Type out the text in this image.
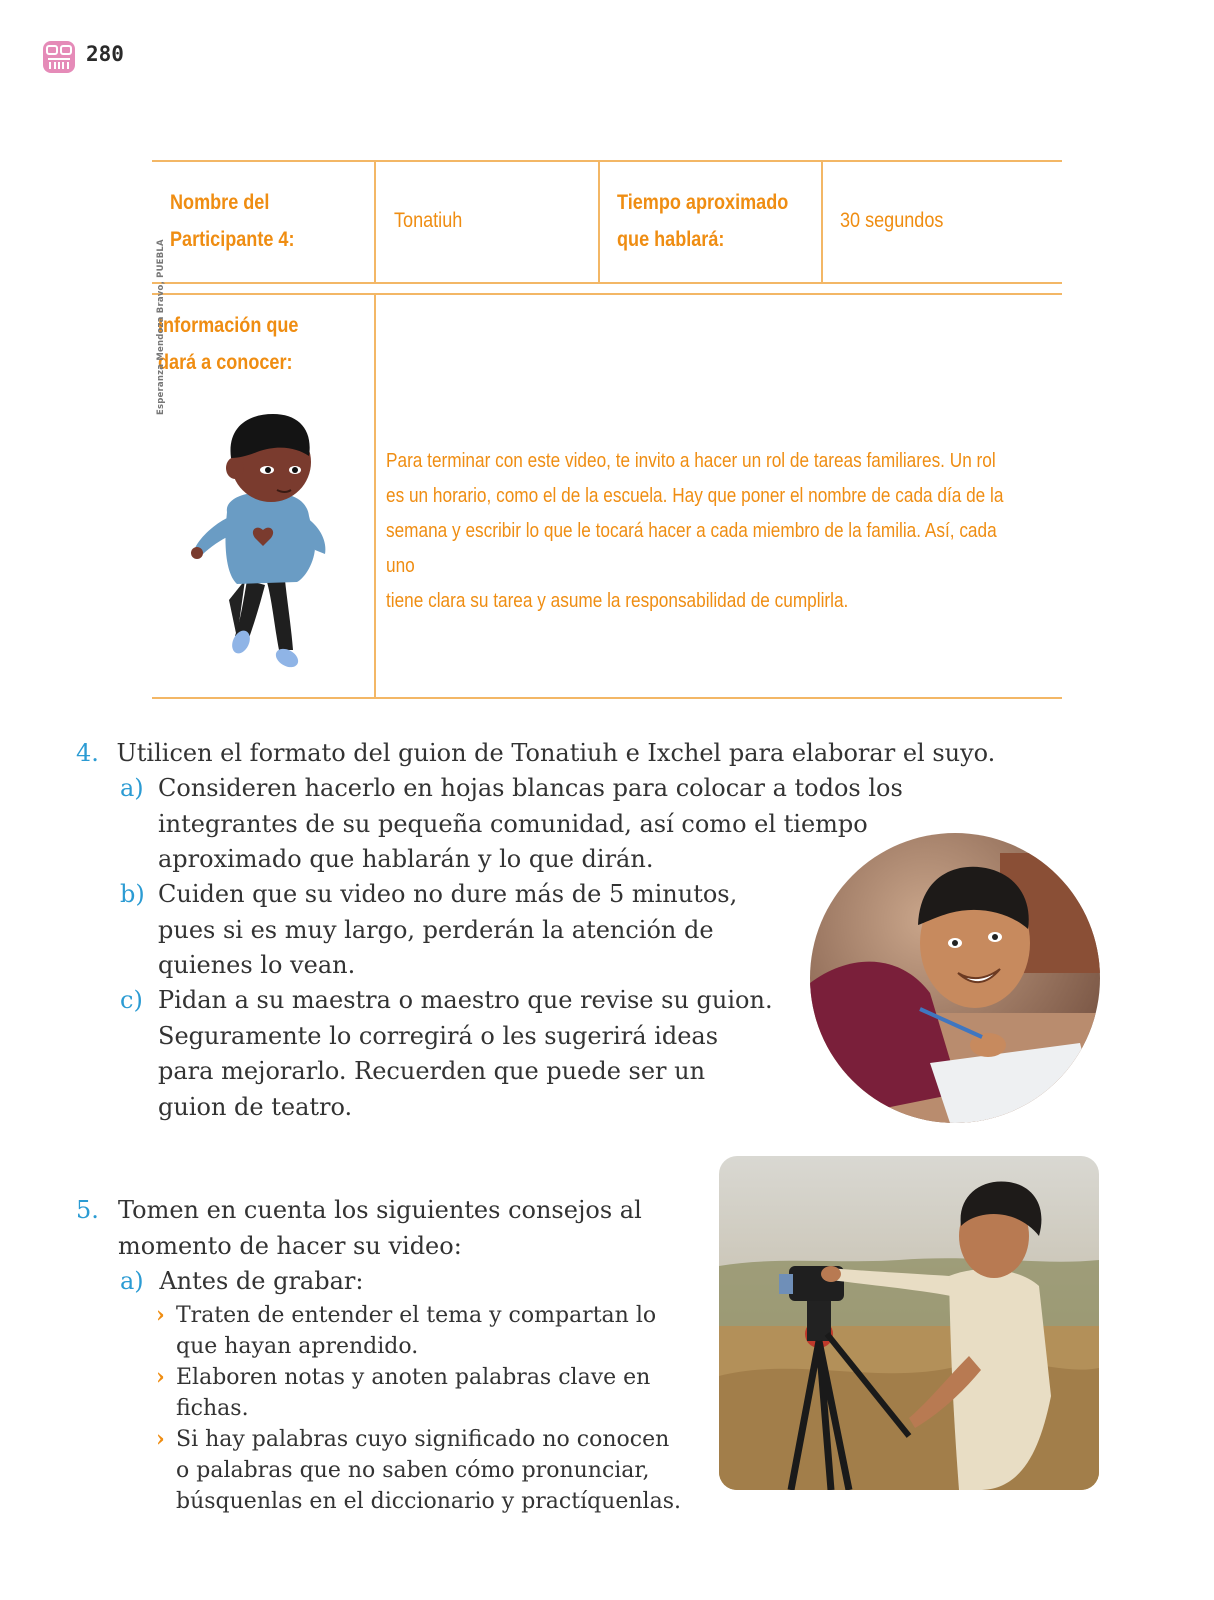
280
Nombre del
Participante 4:
Tonatiuh
Tiempo aproximado
que hablará:
30 segundos
Información que
dará a conocer:
Esperanza Mendoza Bravo, PUEBLA
Para terminar con este video, te invito a hacer un rol de tareas familiares. Un rol
es un horario, como el de la escuela. Hay que poner el nombre de cada día de la
semana y escribir lo que le tocará hacer a cada miembro de la familia. Así, cada uno
tiene clara su tarea y asume la responsabilidad de cumplirla.
4. Utilicen el formato del guion de Tonatiuh e Ixchel para elaborar el suyo.
a) Consideren hacerlo en hojas blancas para colocar a todos los
integrantes de su pequeña comunidad, así como el tiempo
aproximado que hablarán y lo que dirán.
b) Cuiden que su video no dure más de 5 minutos,
pues si es muy largo, perderán la atención de
quienes lo vean.
c) Pidan a su maestra o maestro que revise su guion.
Seguramente lo corregirá o les sugerirá ideas
para mejorarlo. Recuerden que puede ser un
guion de teatro.
5. Tomen en cuenta los siguientes consejos al
momento de hacer su video:
a) Antes de grabar:
› Traten de entender el tema y compartan lo
que hayan aprendido.
› Elaboren notas y anoten palabras clave en
fichas.
› Si hay palabras cuyo significado no conocen
o palabras que no saben cómo pronunciar,
búsquenlas en el diccionario y practíquenlas.
